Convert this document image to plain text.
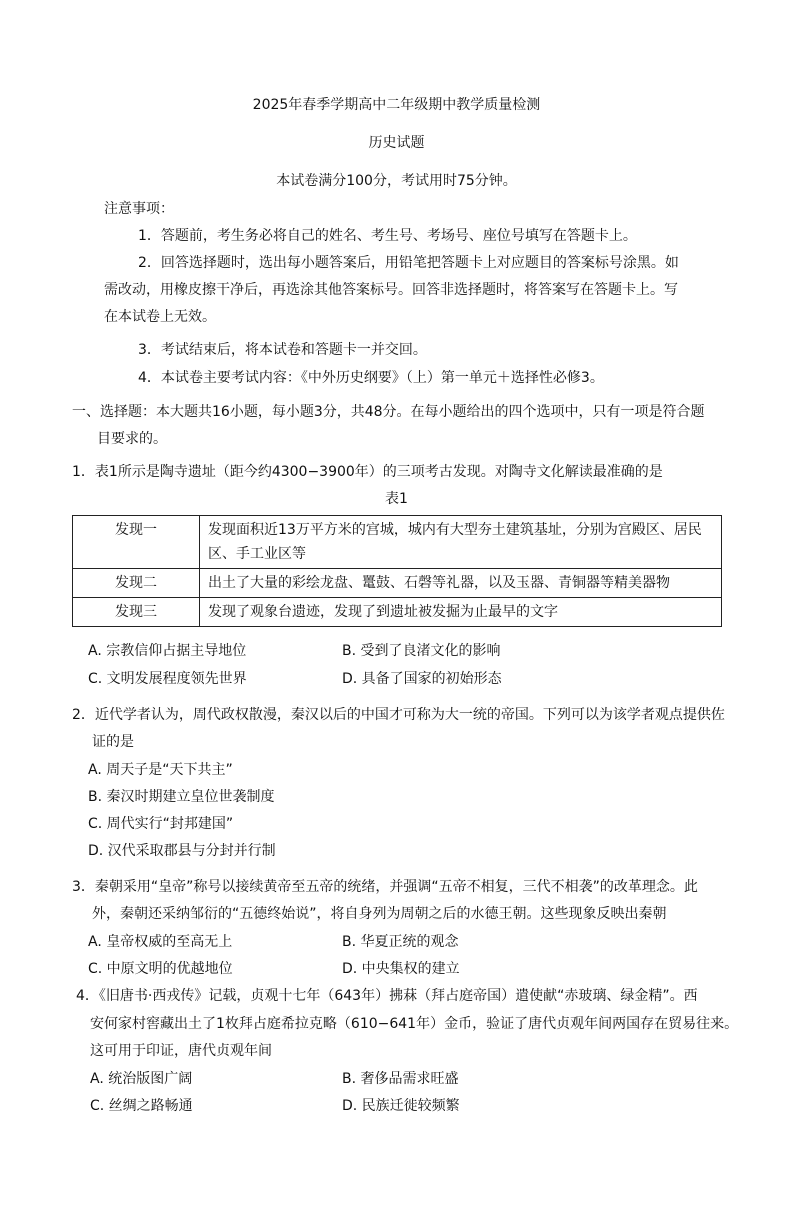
2025年春季学期高中二年级期中教学质量检测
历史试题
本试卷满分100分，考试用时75分钟。
注意事项：
1．答题前，考生务必将自己的姓名、考生号、考场号、座位号填写在答题卡上。
2．回答选择题时，选出每小题答案后，用铅笔把答题卡上对应题目的答案标号涂黑。如
需改动，用橡皮擦干净后，再选涂其他答案标号。回答非选择题时，将答案写在答题卡上。写
在本试卷上无效。
3．考试结束后，将本试卷和答题卡一并交回。
4．本试卷主要考试内容：《中外历史纲要》（上）第一单元＋选择性必修3。
一、选择题：本大题共16小题，每小题3分，共48分。在每小题给出的四个选项中，只有一项是符合题
目要求的。
1．表1所示是陶寺遗址（距今约4300−3900年）的三项考古发现。对陶寺文化解读最准确的是
表1
发现一	发现面积近13万平方米的宫城，城内有大型夯土建筑基址，分别为宫殿区、居民
区、手工业区等

发现二	出土了大量的彩绘龙盘、鼍鼓、石磬等礼器，以及玉器、青铜器等精美器物
发现三	发现了观象台遗迹，发现了到遗址被发掘为止最早的文字
A. 宗教信仰占据主导地位	B. 受到了良渚文化的影响
C. 文明发展程度领先世界	D. 具备了国家的初始形态
2．近代学者认为，周代政权散漫，秦汉以后的中国才可称为大一统的帝国。下列可以为该学者观点提供佐
证的是
A. 周天子是“天下共主”
B. 秦汉时期建立皇位世袭制度
C. 周代实行“封邦建国”
D. 汉代采取郡县与分封并行制
3．秦朝采用“皇帝”称号以接续黄帝至五帝的统绪，并强调“五帝不相复，三代不相袭”的改革理念。此
外，秦朝还采纳邹衍的“五德终始说”，将自身列为周朝之后的水德王朝。这些现象反映出秦朝
A. 皇帝权威的至高无上	B. 华夏正统的观念
C. 中原文明的优越地位	D. 中央集权的建立
4．《旧唐书·西戎传》记载，贞观十七年（643年）拂菻（拜占庭帝国）遣使献“赤玻璃、绿金精”。西
安何家村窖藏出土了1枚拜占庭希拉克略（610−641年）金币，验证了唐代贞观年间两国存在贸易往来。
这可用于印证，唐代贞观年间
A. 统治版图广阔	B. 奢侈品需求旺盛
C. 丝绸之路畅通	D. 民族迁徙较频繁
